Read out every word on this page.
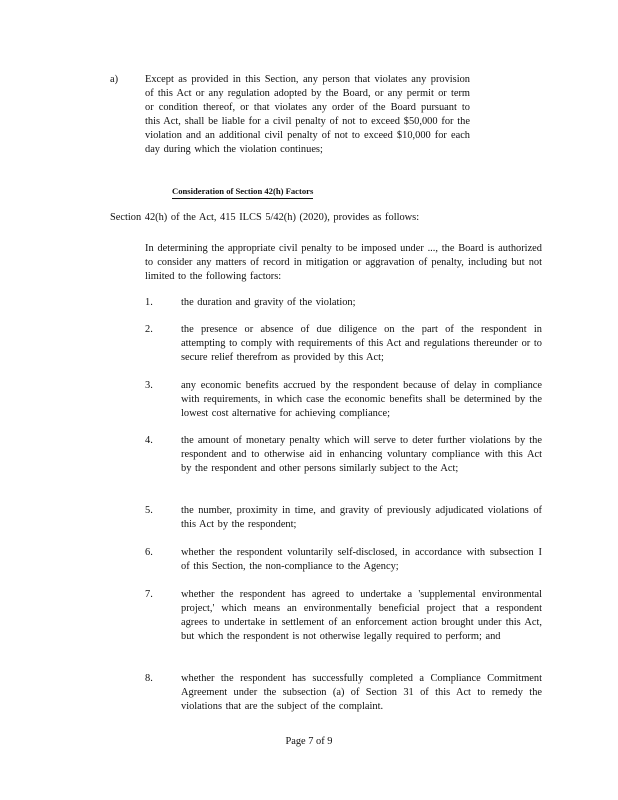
a)	Except as provided in this Section, any person that violates any provision of this Act or any regulation adopted by the Board, or any permit or term or condition thereof, or that violates any order of the Board pursuant to this Act, shall be liable for a civil penalty of not to exceed $50,000 for the violation and an additional civil penalty of not to exceed $10,000 for each day during which the violation continues;
Consideration of Section 42(h) Factors
Section 42(h) of the Act, 415 ILCS 5/42(h) (2020), provides as follows:
In determining the appropriate civil penalty to be imposed under ..., the Board is authorized to consider any matters of record in mitigation or aggravation of penalty, including but not limited to the following factors:
1.	the duration and gravity of the violation;
2.	the presence or absence of due diligence on the part of the respondent in attempting to comply with requirements of this Act and regulations thereunder or to secure relief therefrom as provided by this Act;
3.	any economic benefits accrued by the respondent because of delay in compliance with requirements, in which case the economic benefits shall be determined by the lowest cost alternative for achieving compliance;
4.	the amount of monetary penalty which will serve to deter further violations by the respondent and to otherwise aid in enhancing voluntary compliance with this Act by the respondent and other persons similarly subject to the Act;
5.	the number, proximity in time, and gravity of previously adjudicated violations of this Act by the respondent;
6.	whether the respondent voluntarily self-disclosed, in accordance with subsection I of this Section, the non-compliance to the Agency;
7.	whether the respondent has agreed to undertake a 'supplemental environmental project,' which means an environmentally beneficial project that a respondent agrees to undertake in settlement of an enforcement action brought under this Act, but which the respondent is not otherwise legally required to perform; and
8.	whether the respondent has successfully completed a Compliance Commitment Agreement under the subsection (a) of Section 31 of this Act to remedy the violations that are the subject of the complaint.
Page 7 of 9
